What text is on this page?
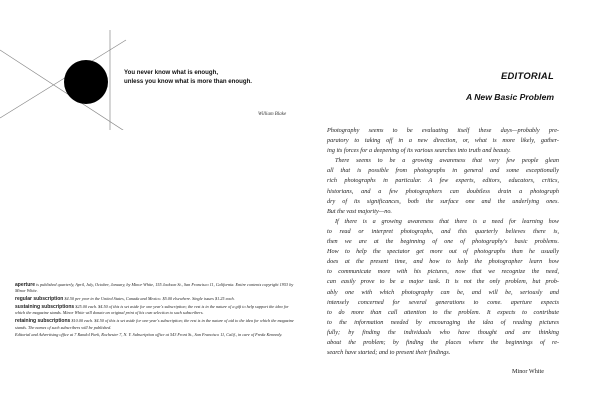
You never know what is enough,
unless you know what is more than enough.
William Blake

aperture is published quarterly, April, July, October, January, by Minor White, 155 Jackson St., San Francisco 11, California. Entire contents copyright 1953 by Minor White.

regular subscription $4.50 per year in the United States, Canada and Mexico. $5.00 elsewhere. Single issues $1.25 each.

sustaining subscriptions $25.00 each. $4.50 of this is set aside for one year's subscription; the rest is in the nature of a gift to help support the idea for which the magazine stands. Minor White will donate an original print of his own selection to such subscribers.

retaining subscriptions $10.00 each. $4.50 of this is set aside for one year's subscription; the rest is in the nature of aid to the idea for which the magazine stands. The names of such subscribers will be published.

Editorial and Advertising office at 7 Randol Park, Rochester 7, N. Y. Subscription office at 543 Front St., San Francisco 11, Calif., in care of Freda Kennedy.

EDITORIAL
A New Basic Problem
Photography seems to be evaluating itself these days—probably pre-
paratory to taking off in a new direction, or, what is more likely, gather-
ing its forces for a deepening of its various searches into truth and beauty.
There seems to be a growing awareness that very few people glean
all that is possible from photographs in general and some exceptionally
rich photographs in particular. A few experts, editors, educators, critics,
historians, and a few photographers can doubtless drain a photograph
dry of its significances, both the surface one and the underlying ones.
But the vast majority—no.
If there is a growing awareness that there is a need for learning how
to read or interpret photographs, and this quarterly believes there is,
then we are at the beginning of one of photography's basic problems.
How to help the spectator get more out of photographs than he usually
does at the present time, and how to help the photographer learn how
to communicate more with his pictures, now that we recognize the need,
can easily prove to be a major task. It is not the only problem, but prob-
ably one with which photography can be, and will be, seriously and
intensely concerned for several generations to come. aperture expects
to do more than call attention to the problem. It expects to contribute
to the information needed by encouraging the idea of reading pictures
fully; by finding the individuals who have thought and are thinking
about the problem; by finding the places where the beginnings of re-
search have started; and to present their findings.
Minor White
